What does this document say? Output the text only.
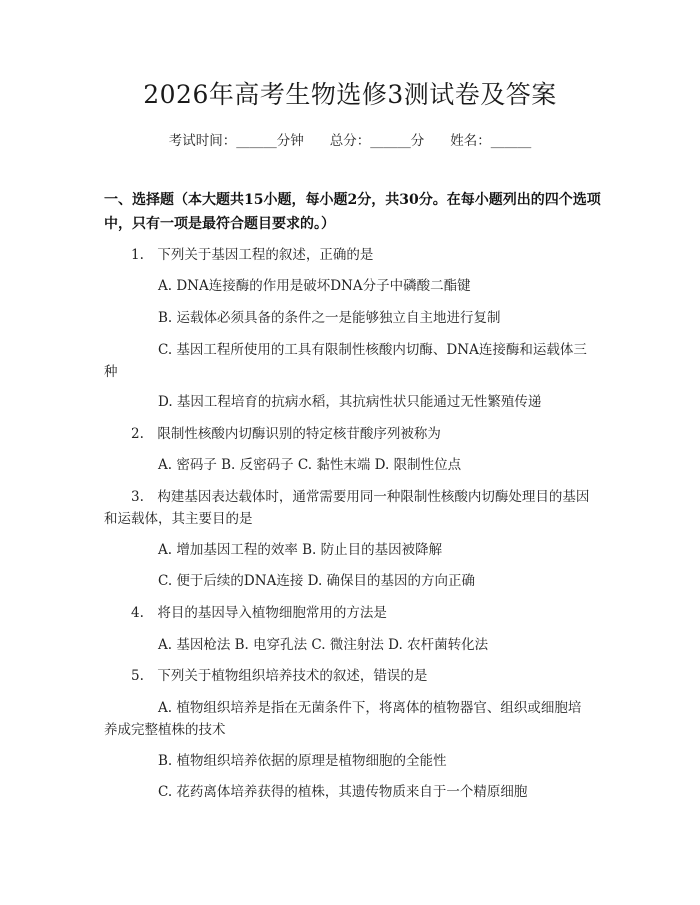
2026年高考生物选修3测试卷及答案
考试时间：______分钟 总分：______分 姓名：______
一、选择题（本大题共15小题，每小题2分，共30分。在每小题列出的四个选项
中，只有一项是最符合题目要求的。）
1.　下列关于基因工程的叙述，正确的是
A. DNA连接酶的作用是破坏DNA分子中磷酸二酯键
B. 运载体必须具备的条件之一是能够独立自主地进行复制
C. 基因工程所使用的工具有限制性核酸内切酶、DNA连接酶和运载体三
种
D. 基因工程培育的抗病水稻，其抗病性状只能通过无性繁殖传递
2.　限制性核酸内切酶识别的特定核苷酸序列被称为
A. 密码子 B. 反密码子 C. 黏性末端 D. 限制性位点
3.　构建基因表达载体时，通常需要用同一种限制性核酸内切酶处理目的基因
和运载体，其主要目的是
A. 增加基因工程的效率 B. 防止目的基因被降解
C. 便于后续的DNA连接 D. 确保目的基因的方向正确
4.　将目的基因导入植物细胞常用的方法是
A. 基因枪法 B. 电穿孔法 C. 微注射法 D. 农杆菌转化法
5.　下列关于植物组织培养技术的叙述，错误的是
A. 植物组织培养是指在无菌条件下，将离体的植物器官、组织或细胞培
养成完整植株的技术
B. 植物组织培养依据的原理是植物细胞的全能性
C. 花药离体培养获得的植株，其遗传物质来自于一个精原细胞
